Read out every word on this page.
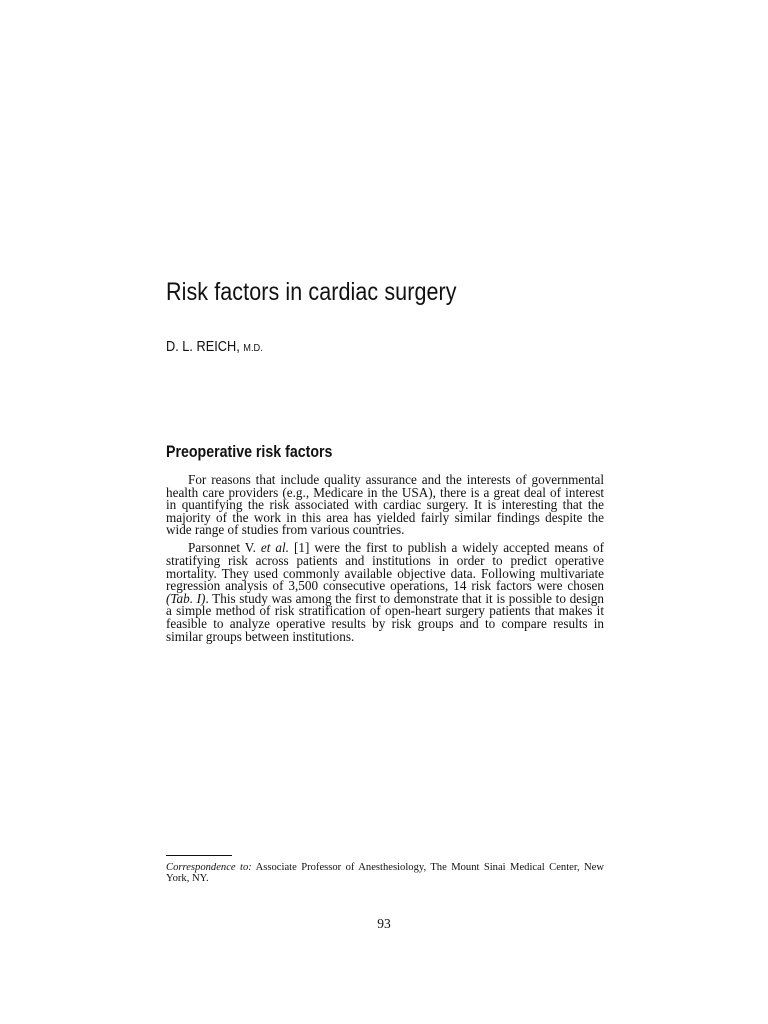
Risk factors in cardiac surgery
D. L. REICH, M.D.
Preoperative risk factors

For reasons that include quality assurance and the interests of governmental health care providers (e.g., Medicare in the USA), there is a great deal of interest in quantifying the risk associated with cardiac surgery. It is interesting that the majority of the work in this area has yielded fairly similar findings despite the wide range of studies from various countries.

Parsonnet V. et al. [1] were the first to publish a widely accepted means of stratifying risk across patients and institutions in order to predict operative mortality. They used commonly available objective data. Following multivariate regression analysis of 3,500 consecutive operations, 14 risk factors were chosen (Tab. I). This study was among the first to demonstrate that it is possible to design a simple method of risk stratification of open-heart surgery patients that makes it feasible to analyze operative results by risk groups and to compare results in similar groups between institutions.

Correspondence to: Associate Professor of Anesthesiology, The Mount Sinai Medical Center, New York, NY.
93
